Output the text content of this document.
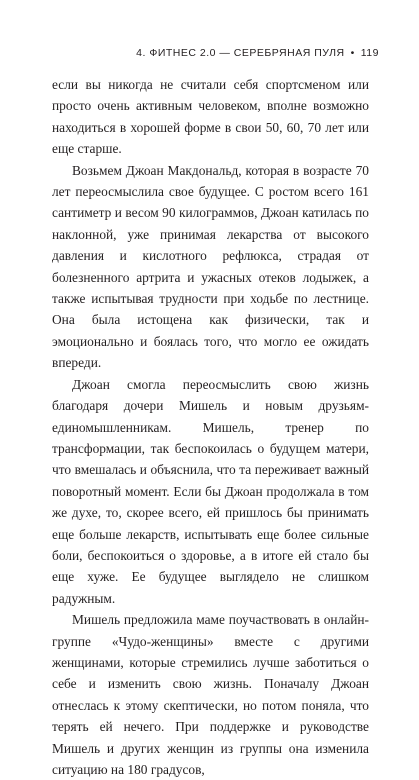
4. ФИТНЕС 2.0 — СЕРЕБРЯНАЯ ПУЛЯ • 119

если вы никогда не считали себя спортсменом или просто очень активным человеком, вполне возможно находиться в хорошей форме в свои 50, 60, 70 лет или еще старше.

Возьмем Джоан Макдональд, которая в возрасте 70 лет переосмыслила свое будущее. С ростом всего 161 сантиметр и весом 90 килограммов, Джоан катилась по наклонной, уже принимая лекарства от высокого давления и кислотного рефлюкса, страдая от болезненного артрита и ужасных отеков лодыжек, а также испытывая трудности при ходьбе по лестнице. Она была истощена как физически, так и эмоционально и боялась того, что могло ее ожидать впереди.

Джоан смогла переосмыслить свою жизнь благодаря дочери Мишель и новым друзьям-единомышленникам. Мишель, тренер по трансформации, так беспокоилась о будущем матери, что вмешалась и объяснила, что та переживает важный поворотный момент. Если бы Джоан продолжала в том же духе, то, скорее всего, ей пришлось бы принимать еще больше лекарств, испытывать еще более сильные боли, беспокоиться о здоровье, а в итоге ей стало бы еще хуже. Ее будущее выглядело не слишком радужным.

Мишель предложила маме поучаствовать в онлайн-группе «Чудо-женщины» вместе с другими женщинами, которые стремились лучше заботиться о себе и изменить свою жизнь. Поначалу Джоан отнеслась к этому скептически, но потом поняла, что терять ей нечего. При поддержке и руководстве Мишель и других женщин из группы она изменила ситуацию на 180 градусов,
